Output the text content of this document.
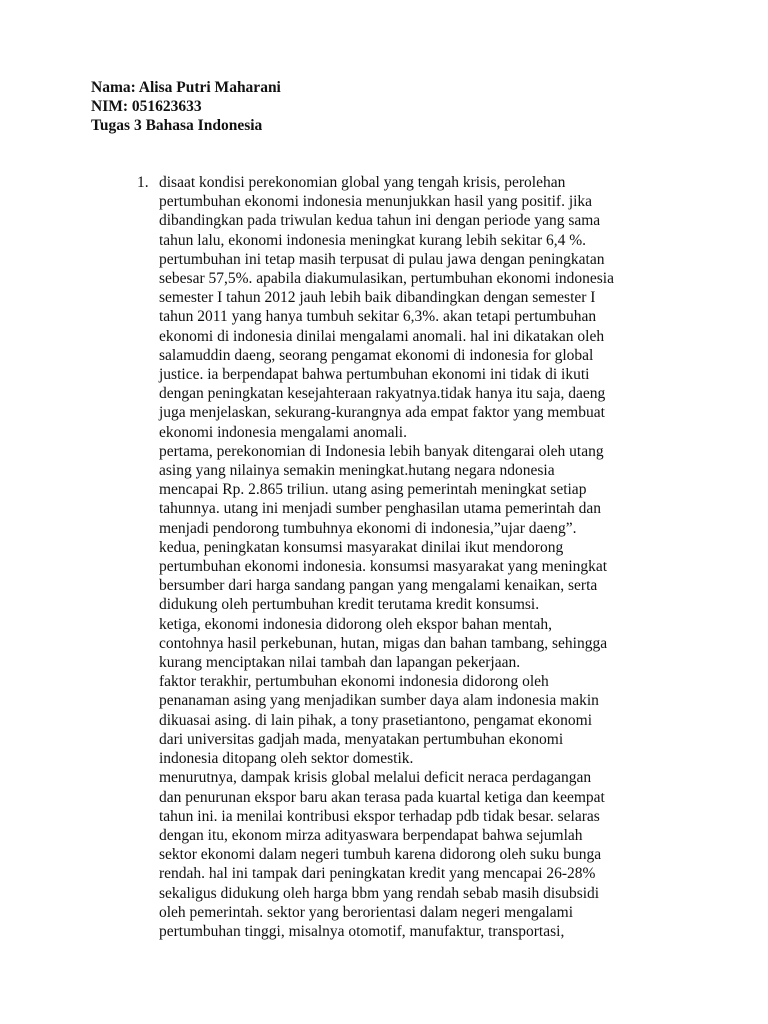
Nama: Alisa Putri Maharani
NIM: 051623633
Tugas 3 Bahasa Indonesia
1. disaat kondisi perekonomian global yang tengah krisis, perolehan
pertumbuhan ekonomi indonesia menunjukkan hasil yang positif. jika
dibandingkan pada triwulan kedua tahun ini dengan periode yang sama
tahun lalu, ekonomi indonesia meningkat kurang lebih sekitar 6,4 %.
pertumbuhan ini tetap masih terpusat di pulau jawa dengan peningkatan
sebesar 57,5%. apabila diakumulasikan, pertumbuhan ekonomi indonesia
semester I tahun 2012 jauh lebih baik dibandingkan dengan semester I
tahun 2011 yang hanya tumbuh sekitar 6,3%. akan tetapi pertumbuhan
ekonomi di indonesia dinilai mengalami anomali. hal ini dikatakan oleh
salamuddin daeng, seorang pengamat ekonomi di indonesia for global
justice. ia berpendapat bahwa pertumbuhan ekonomi ini tidak di ikuti
dengan peningkatan kesejahteraan rakyatnya.tidak hanya itu saja, daeng
juga menjelaskan, sekurang-kurangnya ada empat faktor yang membuat
ekonomi indonesia mengalami anomali.
pertama, perekonomian di Indonesia lebih banyak ditengarai oleh utang
asing yang nilainya semakin meningkat.hutang negara ndonesia
mencapai Rp. 2.865 triliun. utang asing pemerintah meningkat setiap
tahunnya. utang ini menjadi sumber penghasilan utama pemerintah dan
menjadi pendorong tumbuhnya ekonomi di indonesia,”ujar daeng”.
kedua, peningkatan konsumsi masyarakat dinilai ikut mendorong
pertumbuhan ekonomi indonesia. konsumsi masyarakat yang meningkat
bersumber dari harga sandang pangan yang mengalami kenaikan, serta
didukung oleh pertumbuhan kredit terutama kredit konsumsi.
ketiga, ekonomi indonesia didorong oleh ekspor bahan mentah,
contohnya hasil perkebunan, hutan, migas dan bahan tambang, sehingga
kurang menciptakan nilai tambah dan lapangan pekerjaan.
faktor terakhir, pertumbuhan ekonomi indonesia didorong oleh
penanaman asing yang menjadikan sumber daya alam indonesia makin
dikuasai asing. di lain pihak, a tony prasetiantono, pengamat ekonomi
dari universitas gadjah mada, menyatakan pertumbuhan ekonomi
indonesia ditopang oleh sektor domestik.
menurutnya, dampak krisis global melalui deficit neraca perdagangan
dan penurunan ekspor baru akan terasa pada kuartal ketiga dan keempat
tahun ini. ia menilai kontribusi ekspor terhadap pdb tidak besar. selaras
dengan itu, ekonom mirza adityaswara berpendapat bahwa sejumlah
sektor ekonomi dalam negeri tumbuh karena didorong oleh suku bunga
rendah. hal ini tampak dari peningkatan kredit yang mencapai 26-28%
sekaligus didukung oleh harga bbm yang rendah sebab masih disubsidi
oleh pemerintah. sektor yang berorientasi dalam negeri mengalami
pertumbuhan tinggi, misalnya otomotif, manufaktur, transportasi,
